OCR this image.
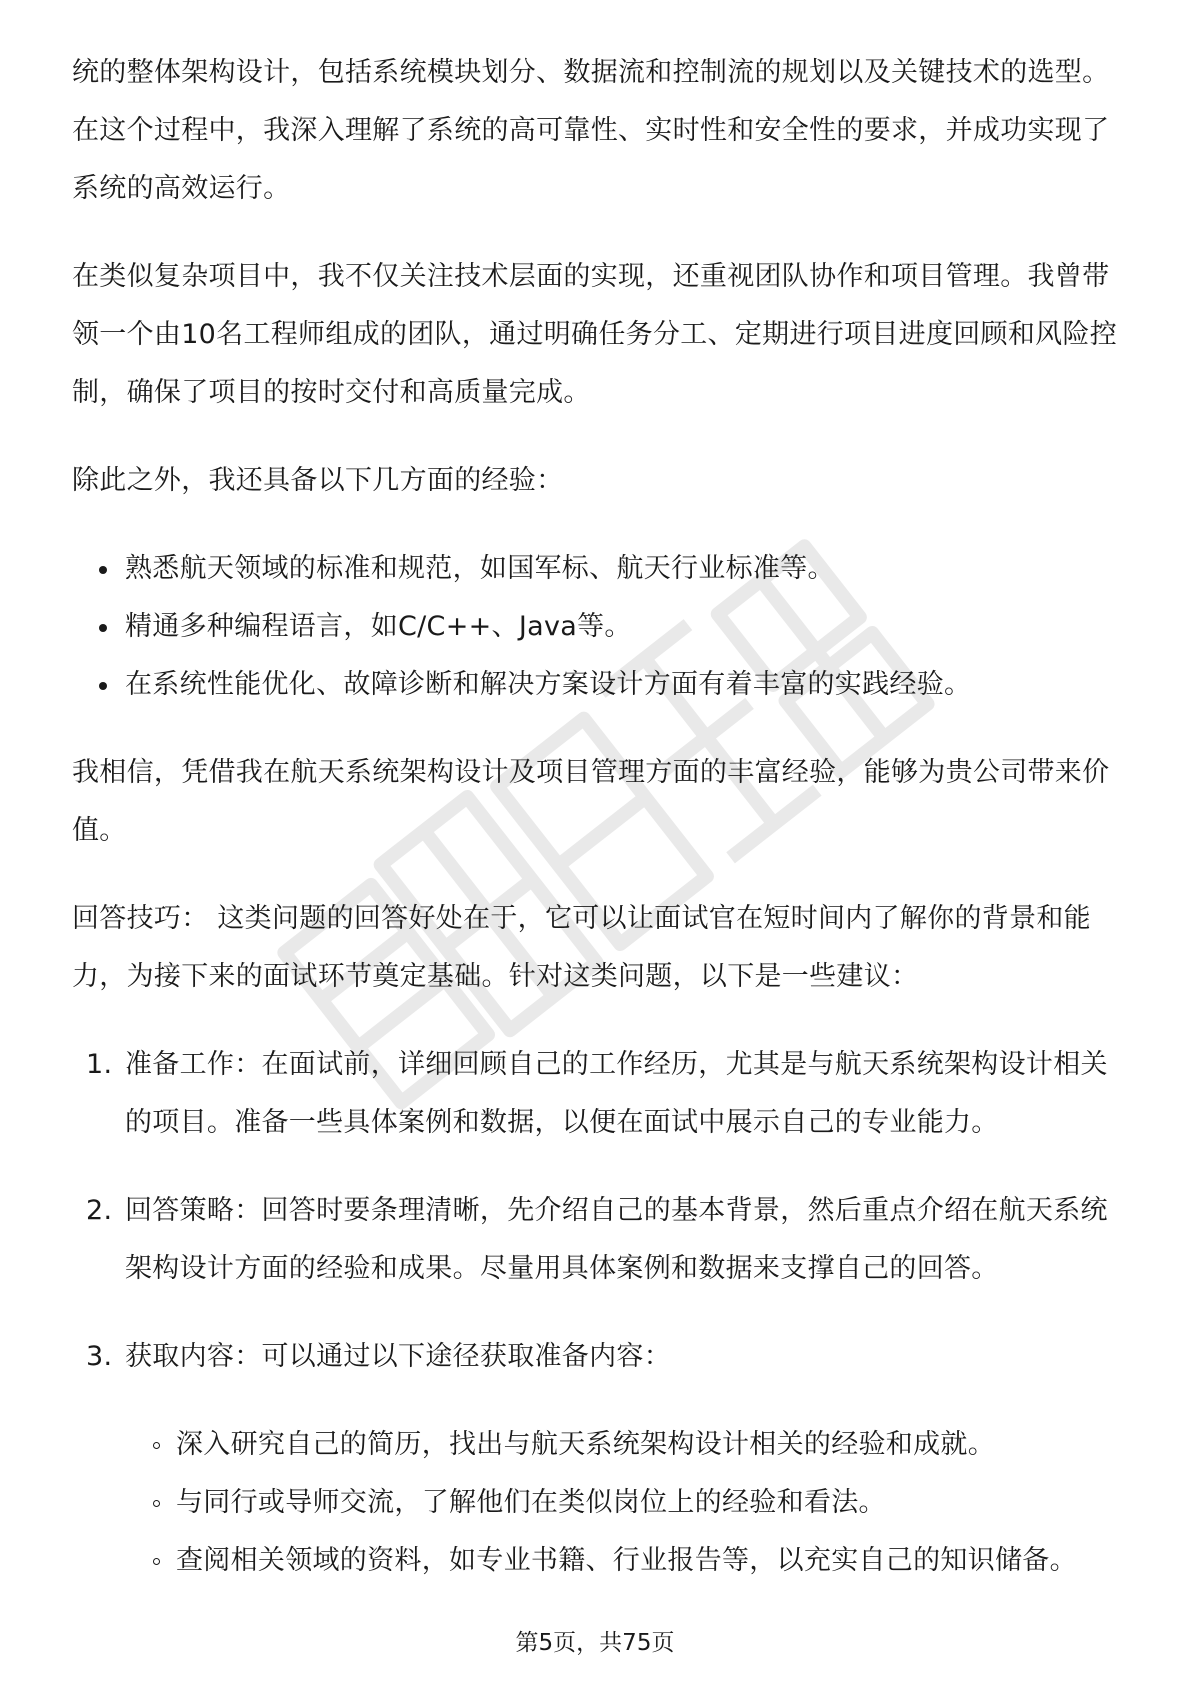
统的整体架构设计，包括系统模块划分、数据流和控制流的规划以及关键技术的选型。在这个过程中，我深入理解了系统的高可靠性、实时性和安全性的要求，并成功实现了系统的高效运行。

在类似复杂项目中，我不仅关注技术层面的实现，还重视团队协作和项目管理。我曾带领一个由10名工程师组成的团队，通过明确任务分工、定期进行项目进度回顾和风险控制，确保了项目的按时交付和高质量完成。

除此之外，我还具备以下几方面的经验：

熟悉航天领域的标准和规范，如国军标、航天行业标准等。
精通多种编程语言，如C/C++、Java等。
在系统性能优化、故障诊断和解决方案设计方面有着丰富的实践经验。

我相信，凭借我在航天系统架构设计及项目管理方面的丰富经验，能够为贵公司带来价值。

回答技巧： 这类问题的回答好处在于，它可以让面试官在短时间内了解你的背景和能力，为接下来的面试环节奠定基础。针对这类问题，以下是一些建议：

1. 准备工作：在面试前，详细回顾自己的工作经历，尤其是与航天系统架构设计相关的项目。准备一些具体案例和数据，以便在面试中展示自己的专业能力。
2. 回答策略：回答时要条理清晰，先介绍自己的基本背景，然后重点介绍在航天系统架构设计方面的经验和成果。尽量用具体案例和数据来支撑自己的回答。
3. 获取内容：可以通过以下途径获取准备内容：
深入研究自己的简历，找出与航天系统架构设计相关的经验和成就。
与同行或导师交流，了解他们在类似岗位上的经验和看法。
查阅相关领域的资料，如专业书籍、行业报告等，以充实自己的知识储备。
第5页，共75页
